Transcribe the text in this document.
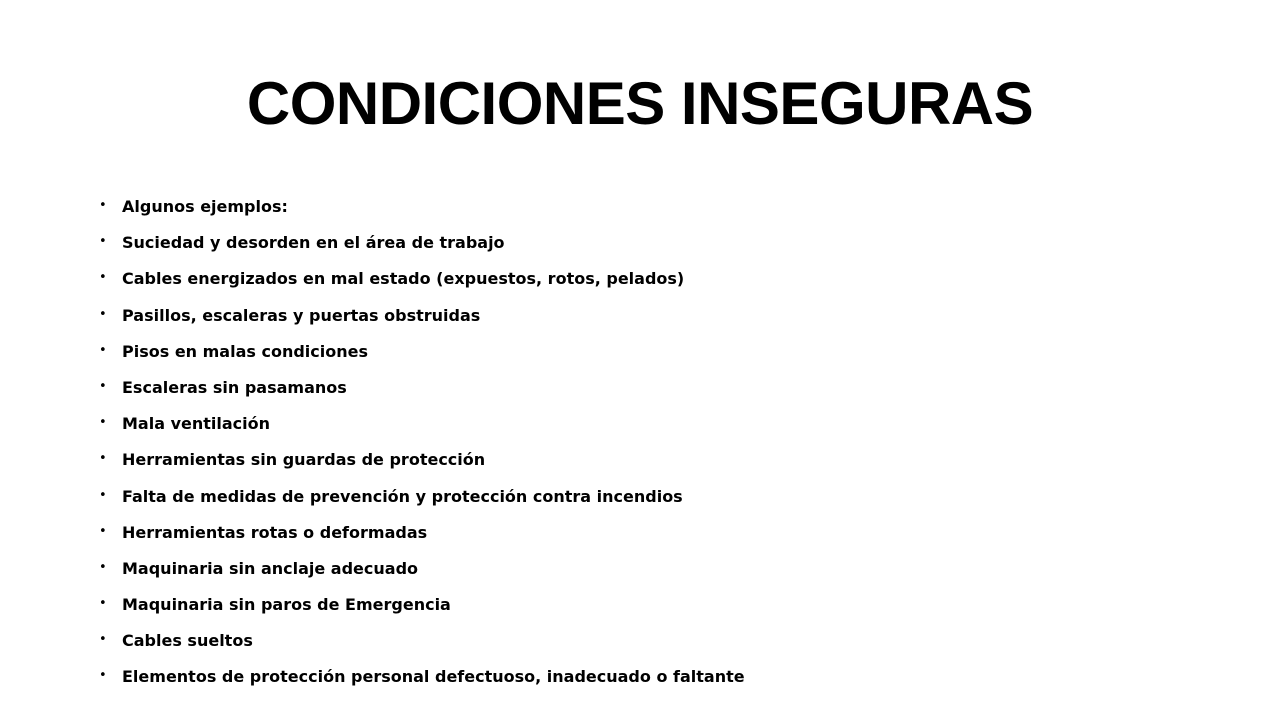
CONDICIONES INSEGURAS
• Algunos ejemplos:
• Suciedad y desorden en el área de trabajo
• Cables energizados en mal estado (expuestos, rotos, pelados)
• Pasillos, escaleras y puertas obstruidas
• Pisos en malas condiciones
• Escaleras sin pasamanos
• Mala ventilación
• Herramientas sin guardas de protección
• Falta de medidas de prevención y protección contra incendios
• Herramientas rotas o deformadas
• Maquinaria sin anclaje adecuado
• Maquinaria sin paros de Emergencia
• Cables sueltos
• Elementos de protección personal defectuoso, inadecuado o faltante
